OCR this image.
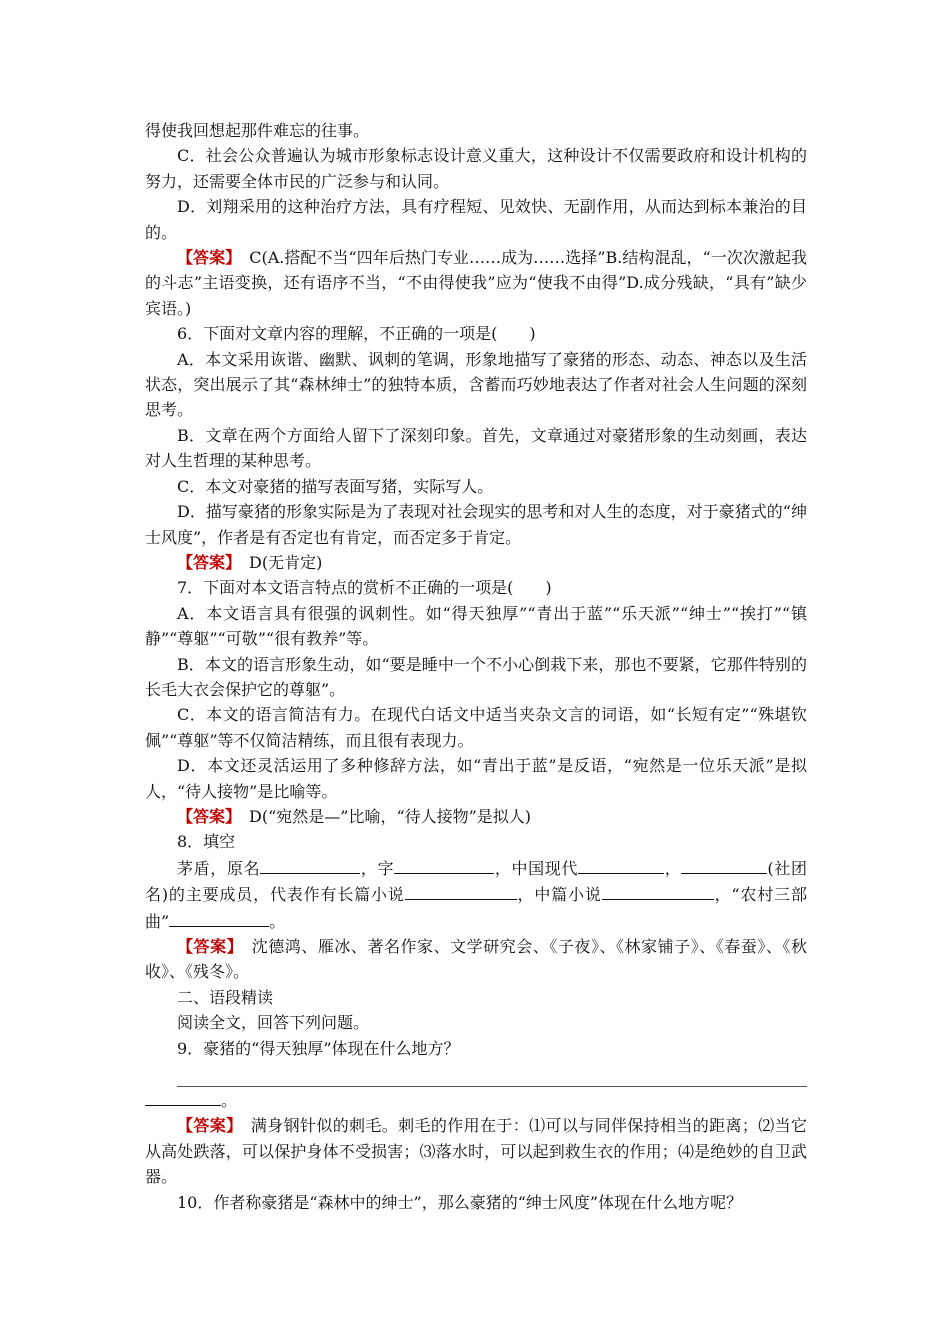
得使我回想起那件难忘的往事。

C．社会公众普遍认为城市形象标志设计意义重大，这种设计不仅需要政府和设计机构的努力，还需要全体市民的广泛参与和认同。

D．刘翔采用的这种治疗方法，具有疗程短、见效快、无副作用，从而达到标本兼治的目的。

【答案】　C(A.搭配不当“四年后热门专业……成为……选择”B.结构混乱，“一次次激起我的斗志”主语变换，还有语序不当，“不由得使我”应为“使我不由得”D.成分残缺，“具有”缺少宾语。)

6．下面对文章内容的理解，不正确的一项是(　　)

A．本文采用诙谐、幽默、讽刺的笔调，形象地描写了豪猪的形态、动态、神态以及生活状态，突出展示了其“森林绅士”的独特本质，含蓄而巧妙地表达了作者对社会人生问题的深刻思考。

B．文章在两个方面给人留下了深刻印象。首先，文章通过对豪猪形象的生动刻画，表达对人生哲理的某种思考。

C．本文对豪猪的描写表面写猪，实际写人。

D．描写豪猪的形象实际是为了表现对社会现实的思考和对人生的态度，对于豪猪式的“绅士风度”，作者是有否定也有肯定，而否定多于肯定。

【答案】　D(无肯定)

7．下面对本文语言特点的赏析不正确的一项是(　　)

A．本文语言具有很强的讽刺性。如“得天独厚”“青出于蓝”“乐天派”“绅士”“挨打”“镇静”“尊躯”“可敬”“很有教养”等。

B．本文的语言形象生动，如“要是睡中一个不小心倒栽下来，那也不要紧，它那件特别的长毛大衣会保护它的尊躯”。

C．本文的语言简洁有力。在现代白话文中适当夹杂文言的词语，如“长短有定”“殊堪钦佩”“尊躯”等不仅简洁精练，而且很有表现力。

D．本文还灵活运用了多种修辞方法，如“青出于蓝”是反语，“宛然是一位乐天派”是拟人，“待人接物”是比喻等。

【答案】　D(“宛然是—”比喻，“待人接物”是拟人)

8．填空

茅盾，原名	，字	，中国现代	，	(社团名)的主要成员，代表作有长篇小说	，中篇小说	，“农村三部曲”	。

【答案】　沈德鸿、雁冰、著名作家、文学研究会、《子夜》、《林家铺子》、《春蚕》、《秋收》、《残冬》。

二、语段精读

阅读全文，回答下列问题。

9．豪猪的“得天独厚”体现在什么地方？

。

【答案】　满身钢针似的刺毛。刺毛的作用在于：⑴可以与同伴保持相当的距离；⑵当它从高处跌落，可以保护身体不受损害；⑶落水时，可以起到救生衣的作用；⑷是绝妙的自卫武器。

10．作者称豪猪是“森林中的绅士”，那么豪猪的“绅士风度”体现在什么地方呢？
